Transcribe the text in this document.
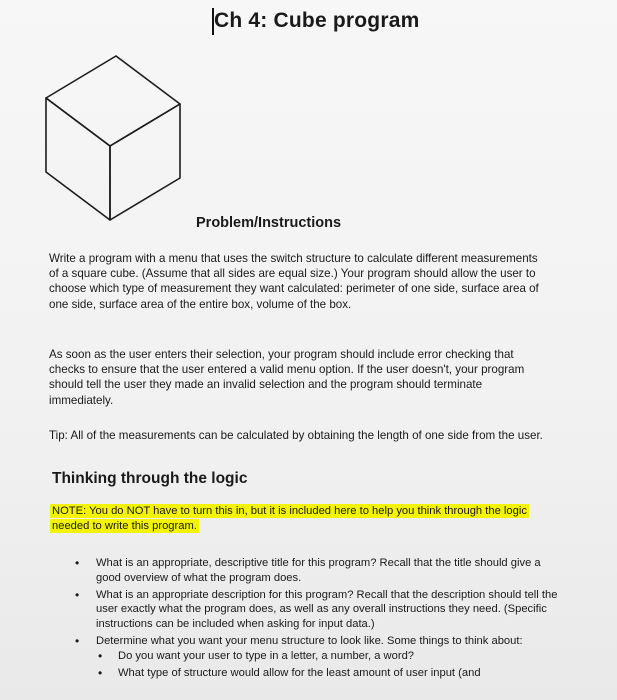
Ch 4: Cube program
Problem/Instructions

Write a program with a menu that uses the switch structure to calculate different measurements of a square cube. (Assume that all sides are equal size.) Your program should allow the user to choose which type of measurement they want calculated: perimeter of one side, surface area of one side, surface area of the entire box, volume of the box.

As soon as the user enters their selection, your program should include error checking that checks to ensure that the user entered a valid menu option. If the user doesn't, your program should tell the user they made an invalid selection and the program should terminate immediately.

Tip: All of the measurements can be calculated by obtaining the length of one side from the user.

Thinking through the logic
NOTE: You do NOT have to turn this in, but it is included here to help you think through the logic needed to write this program.
• What is an appropriate, descriptive title for this program? Recall that the title should give a good overview of what the program does.
• What is an appropriate description for this program? Recall that the description should tell the user exactly what the program does, as well as any overall instructions they need. (Specific instructions can be included when asking for input data.)
• Determine what you want your menu structure to look like. Some things to think about:
• Do you want your user to type in a letter, a number, a word?
• What type of structure would allow for the least amount of user input (and
